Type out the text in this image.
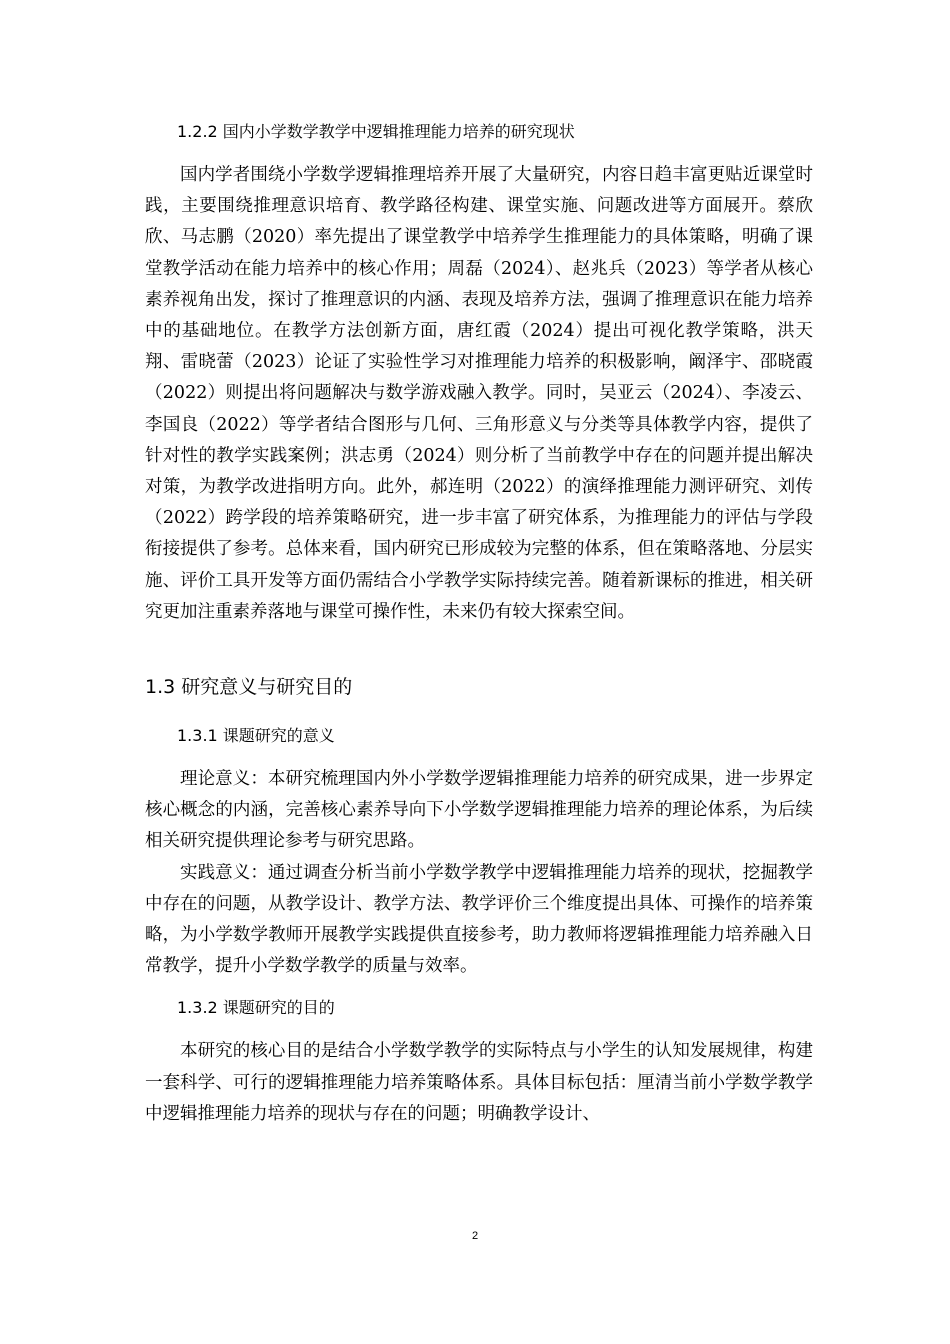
1.2.2 国内小学数学教学中逻辑推理能力培养的研究现状

国内学者围绕小学数学逻辑推理培养开展了大量研究，内容日趋丰富更贴近课堂时践，主要围绕推理意识培育、教学路径构建、课堂实施、问题改进等方面展开。蔡欣欣、马志鹏（2020）率先提出了课堂教学中培养学生推理能力的具体策略，明确了课堂教学活动在能力培养中的核心作用；周磊（2024）、赵兆兵（2023）等学者从核心素养视角出发，探讨了推理意识的内涵、表现及培养方法，强调了推理意识在能力培养中的基础地位。在教学方法创新方面，唐红霞（2024）提出可视化教学策略，洪天翔、雷晓蕾（2023）论证了实验性学习对推理能力培养的积极影响，阚泽宇、邵晓霞（2022）则提出将问题解决与数学游戏融入教学。同时，吴亚云（2024）、李凌云、李国良（2022）等学者结合图形与几何、三角形意义与分类等具体教学内容，提供了针对性的教学实践案例；洪志勇（2024）则分析了当前教学中存在的问题并提出解决对策，为教学改进指明方向。此外，郝连明（2022）的演绎推理能力测评研究、刘传（2022）跨学段的培养策略研究，进一步丰富了研究体系，为推理能力的评估与学段衔接提供了参考。总体来看，国内研究已形成较为完整的体系，但在策略落地、分层实施、评价工具开发等方面仍需结合小学教学实际持续完善。随着新课标的推进，相关研究更加注重素养落地与课堂可操作性，未来仍有较大探索空间。

1.3 研究意义与研究目的
1.3.1 课题研究的意义

理论意义：本研究梳理国内外小学数学逻辑推理能力培养的研究成果，进一步界定核心概念的内涵，完善核心素养导向下小学数学逻辑推理能力培养的理论体系，为后续相关研究提供理论参考与研究思路。

实践意义：通过调查分析当前小学数学教学中逻辑推理能力培养的现状，挖掘教学中存在的问题，从教学设计、教学方法、教学评价三个维度提出具体、可操作的培养策略，为小学数学教师开展教学实践提供直接参考，助力教师将逻辑推理能力培养融入日常教学，提升小学数学教学的质量与效率。

1.3.2 课题研究的目的

本研究的核心目的是结合小学数学教学的实际特点与小学生的认知发展规律，构建一套科学、可行的逻辑推理能力培养策略体系。具体目标包括：厘清当前小学数学教学中逻辑推理能力培养的现状与存在的问题；明确教学设计、

2
